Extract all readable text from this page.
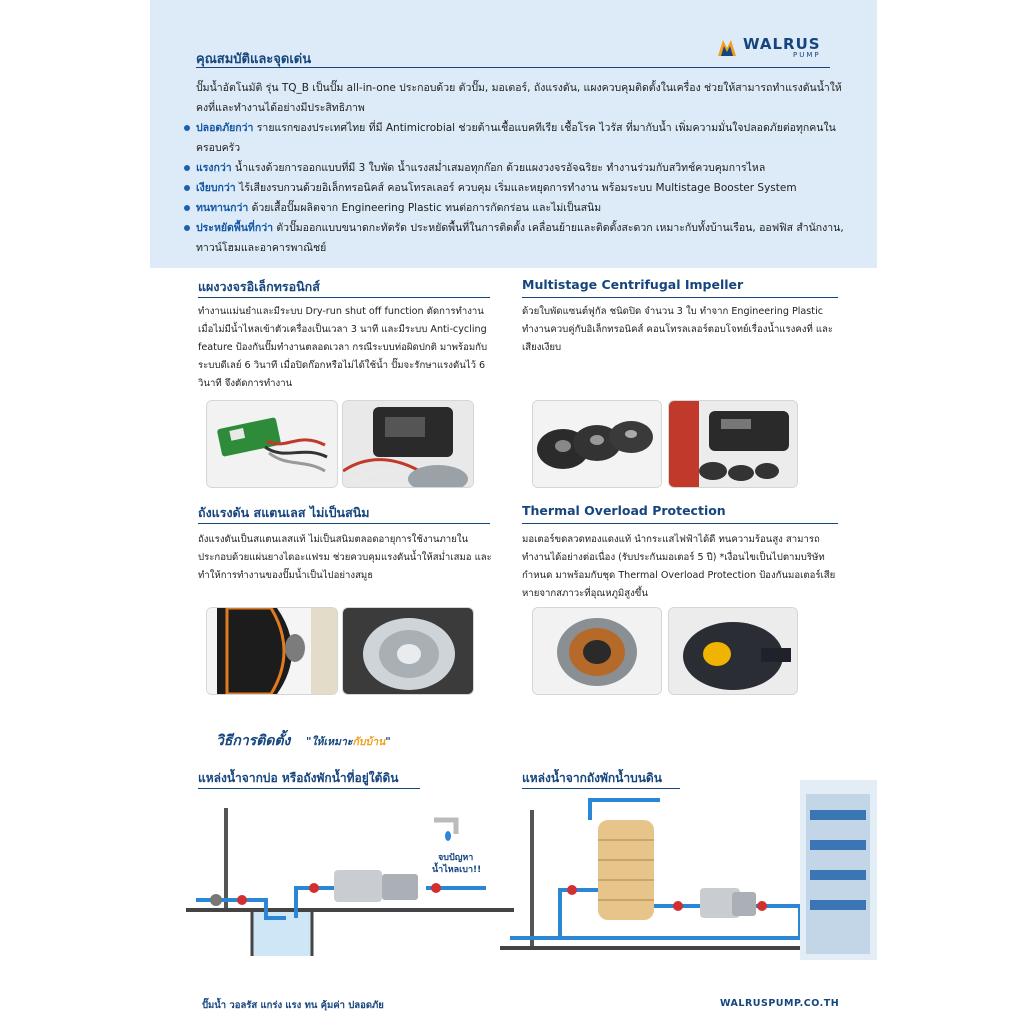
คุณสมบัติและจุดเด่น
WALRUS
PUMP
ปั๊มน้ำอัตโนมัติ รุ่น TQ_B เป็นปั๊ม all-in-one ประกอบด้วย ตัวปั๊ม, มอเตอร์, ถังแรงดัน, แผงควบคุมติดตั้งในเครื่อง ช่วยให้สามารถทำแรงดันน้ำให้คงที่และทำงานได้อย่างมีประสิทธิภาพ
ปลอดภัยกว่า รายแรกของประเทศไทย ที่มี Antimicrobial ช่วยต้านเชื้อแบคทีเรีย เชื้อโรค ไวรัส ที่มากับน้ำ เพิ่มความมั่นใจปลอดภัยต่อทุกคนในครอบครัว
แรงกว่า น้ำแรงด้วยการออกแบบที่มี 3 ใบพัด น้ำแรงสม่ำเสมอทุกก๊อก ด้วยแผงวงจรอัจฉริยะ ทำงานร่วมกับสวิทช์ควบคุมการไหล
เงียบกว่า ไร้เสียงรบกวนด้วยอิเล็กทรอนิคส์ คอนโทรลเลอร์ ควบคุม เริ่มและหยุดการทำงาน พร้อมระบบ Multistage Booster System
ทนทานกว่า ด้วยเสื้อปั๊มผลิตจาก Engineering Plastic ทนต่อการกัดกร่อน และไม่เป็นสนิม
ประหยัดพื้นที่กว่า ตัวปั๊มออกแบบขนาดกะทัดรัด ประหยัดพื้นที่ในการติดตั้ง เคลื่อนย้ายและติดตั้งสะดวก เหมาะกับทั้งบ้านเรือน, ออฟฟิส สำนักงาน, ทาวน์โฮมและอาคารพาณิชย์
แผงวงจรอิเล็กทรอนิกส์
ทำงานแม่นยำและมีระบบ Dry-run shut off function ตัดการทำงานเมื่อไม่มีน้ำไหลเข้าตัวเครื่องเป็นเวลา 3 นาที และมีระบบ Anti-cycling feature ป้องกันปั๊มทำงานตลอดเวลา กรณีระบบท่อผิดปกติ มาพร้อมกับระบบดีเลย์ 6 วินาที เมื่อปิดก๊อกหรือไม่ได้ใช้น้ำ ปั๊มจะรักษาแรงดันไว้ 6 วินาที จึงตัดการทำงาน
Multistage Centrifugal Impeller
ด้วยใบพัดแซนต์ฟูกัล ชนิดปิด จำนวน 3 ใบ ทำจาก Engineering Plastic ทำงานควบคู่กับอิเล็กทรอนิคส์ คอนโทรลเลอร์ตอบโจทย์เรื่องน้ำแรงคงที่ และเสียงเงียบ
ถังแรงดัน สแตนเลส ไม่เป็นสนิม
ถังแรงดันเป็นสแตนเลสแท้ ไม่เป็นสนิมตลอดอายุการใช้งานภายในประกอบด้วยแผ่นยางไดอะแฟรม ช่วยควบคุมแรงดันน้ำให้สม่ำเสมอ และทำให้การทำงานของปั๊มน้ำเป็นไปอย่างสมูธ
Thermal Overload Protection
มอเตอร์ขดลวดทองแดงแท้ นำกระแสไฟฟ้าได้ดี ทนความร้อนสูง สามารถทำงานได้อย่างต่อเนื่อง (รับประกันมอเตอร์ 5 ปี) *เงื่อนไขเป็นไปตามบริษัทกำหนด มาพร้อมกับชุด Thermal Overload Protection ป้องกันมอเตอร์เสียหายจากสภาวะที่อุณหภูมิสูงขึ้น
วิธีการติดตั้ง "ให้เหมาะกับบ้าน"
แหล่งน้ำจากบ่อ หรือถังพักน้ำที่อยู่ใต้ดิน	แหล่งน้ำจากถังพักน้ำบนดิน
จบปัญหา
น้ำไหลเบา!!
ปั๊มน้ำ วอลรัส แกร่ง แรง ทน คุ้มค่า ปลอดภัย	WALRUSPUMP.CO.TH
